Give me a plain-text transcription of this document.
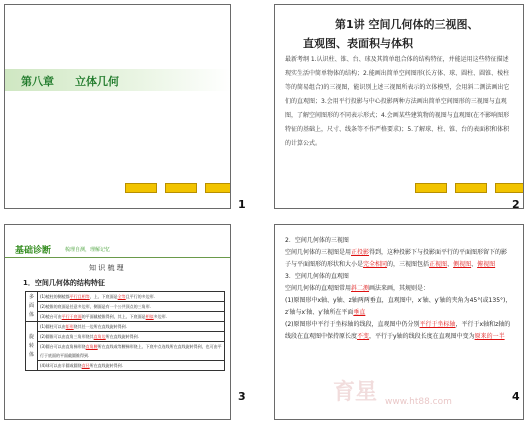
第八章 立体几何
1
第1讲 空间几何体的三视图、
直观图、表面积与体积
最新考纲 1.认识柱、锥、台、球及其简单组合体的结构特征，并能运用这些特征描述现实生活中简单物体的结构；2.能画出简单空间图形(长方体、球、圆柱、圆锥、棱柱等的简易组合)的三视图，能识别上述三视图所表示的立体模型，会用斜二测法画出它们的直观图；3.会用平行投影与中心投影两种方法画出简单空间图形的三视图与直观图，了解空间图形的不同表示形式；4.会画某些建筑物的视图与直观图(在不影响图形特征的基础上，尺寸、线条等不作严格要求)；5.了解球、柱、锥、台的表面积和体积的计算公式。
2
基础诊断	梳理自测，理解记忆
知 识 梳 理
1．空间几何体的结构特征
多面体	(1)棱柱的侧棱都平行且相等，上、下底面是全等且平行的多边形．
	(2)棱锥的底面是任意多边形，侧面是有一个公共顶点的三角形．
	(3)棱台可由平行于底面的平面截棱锥得到，其上、下底面是相似多边形．
旋转体	(1)圆柱可以由矩形绕其任一边所在直线旋转得到．
	(2)圆锥可以由直角三角形绕其直角边所在直线旋转得到．
	(3)圆台可以由直角梯形绕直角腰所在直线或等腰梯形绕上、下底中点连线所在直线旋转得到，也可由平行于底面的平面截圆锥得到．
	(4)球可以由半圆或圆绕直径所在直线旋转得到．
3

2．空间几何体的三视图

空间几何体的三视图是用正投影得到，这种投影下与投影面平行的平面图形留下的影子与平面图形的形状和大小是完全相同的，三视图包括正视图、侧视图、俯视图

3．空间几何体的直观图

空间几何体的直观图常用斜二测画法来画，其规则是：

(1)原图形中x轴、y轴、z轴两两垂直，直观图中，x′轴、y′轴的夹角为45°(或135°)，z′轴与x′轴、y′轴所在平面垂直

(2)原图形中平行于坐标轴的线段，直观图中仍分别平行于坐标轴，平行于x轴和z轴的线段在直观图中保持原长度不变，平行于y轴的线段长度在直观图中变为原来的一半

育星 www.ht88.com	4
